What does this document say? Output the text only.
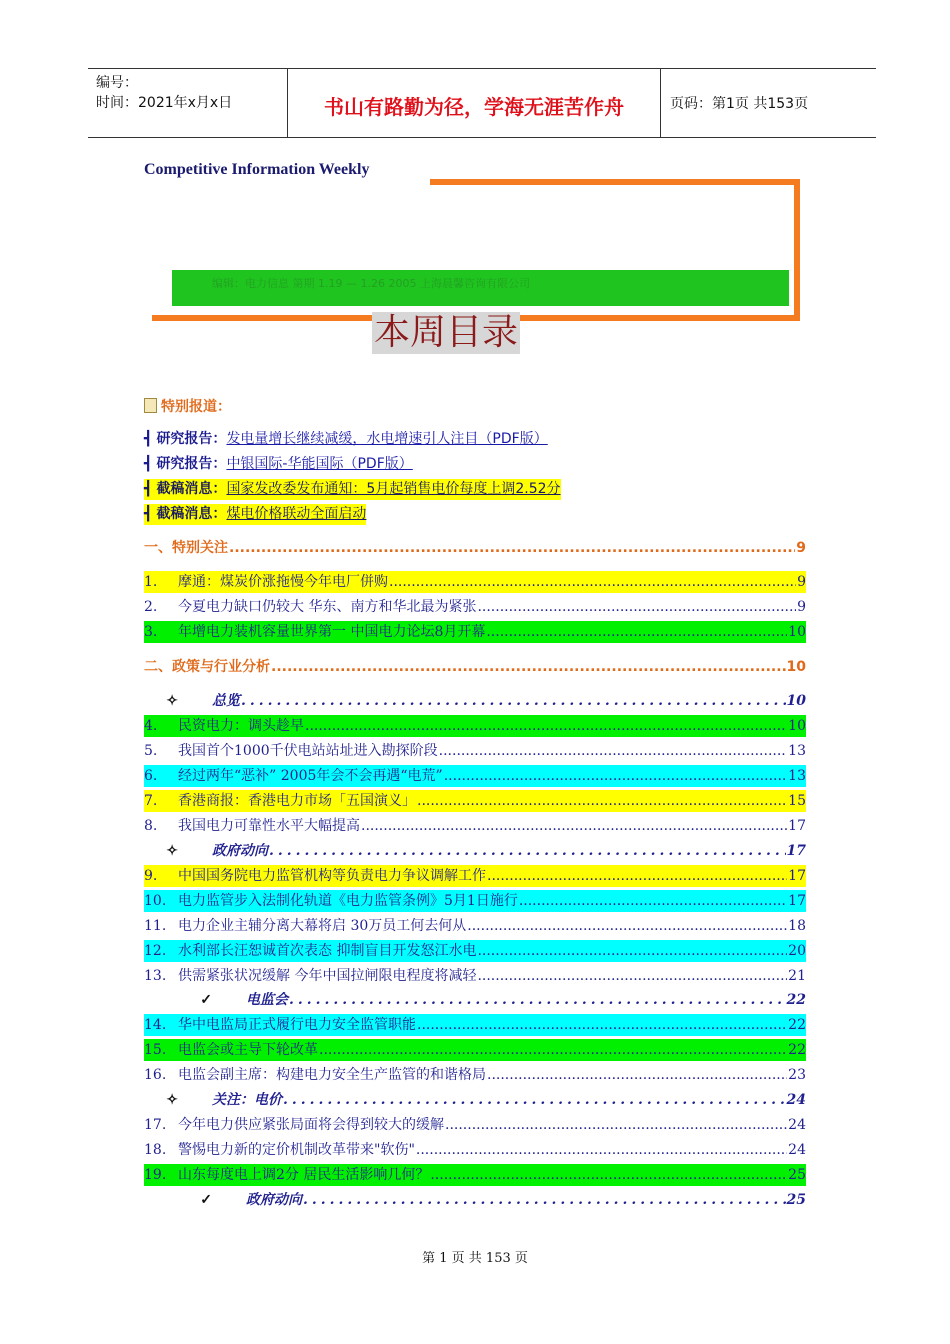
编号：
时间：2021年x月x日	书山有路勤为径，学海无涯苦作舟	页码：第1页 共153页
Competitive Information Weekly
编辑：电力信息 第期 1.19 — 1.26 2005 上海晨馨咨询有限公司
本周目录
特别报道：
┫ 研究报告：发电量增长继续减缓，水电增速引人注目（PDF版）
┫ 研究报告：中银国际-华能国际（PDF版）
┫ 截稿消息：国家发改委发布通知：5月起销售电价每度上调2.52分
┫ 截稿消息：煤电价格联动全面启动
一、特别关注 .....	9
1.	摩通：煤炭价涨拖慢今年电厂併购 .....	9
2.	今夏电力缺口仍较大 华东、南方和华北最为紧张 .....	9
3.	年增电力装机容量世界第一 中国电力论坛8月开幕 .....	10
二、政策与行业分析 .....	10
✧ 总览 .....	10
4.	民资电力：调头趁早 .....	10
5.	我国首个1000千伏电站站址进入勘探阶段 .....	13
6.	经过两年“恶补” 2005年会不会再遇“电荒” .....	13
7.	香港商报：香港电力市场「五国演义」 .....	15
8.	我国电力可靠性水平大幅提高 .....	17
✧ 政府动向 .....	17
9.	中国国务院电力监管机构等负责电力争议调解工作 .....	17
10. 电力监管步入法制化轨道《电力监管条例》5月1日施行 .....	17
11. 电力企业主辅分离大幕将启 30万员工何去何从 .....	18
12. 水利部长汪恕诚首次表态 抑制盲目开发怒江水电 .....	20
13. 供需紧张状况缓解 今年中国拉闸限电程度将减轻 .....	21
✓ 电监会 .....	22
14. 华中电监局正式履行电力安全监管职能 .....	22
15. 电监会或主导下轮改革 .....	22
16. 电监会副主席：构建电力安全生产监管的和谐格局 .....	23
✧ 关注：电价 .....	24
17. 今年电力供应紧张局面将会得到较大的缓解 .....	24
18. 警惕电力新的定价机制改革带来"软伤" .....	24
19. 山东每度电上调2分 居民生活影响几何？ .....	25
✓ 政府动向 .....	25
第 1 页 共 153 页
